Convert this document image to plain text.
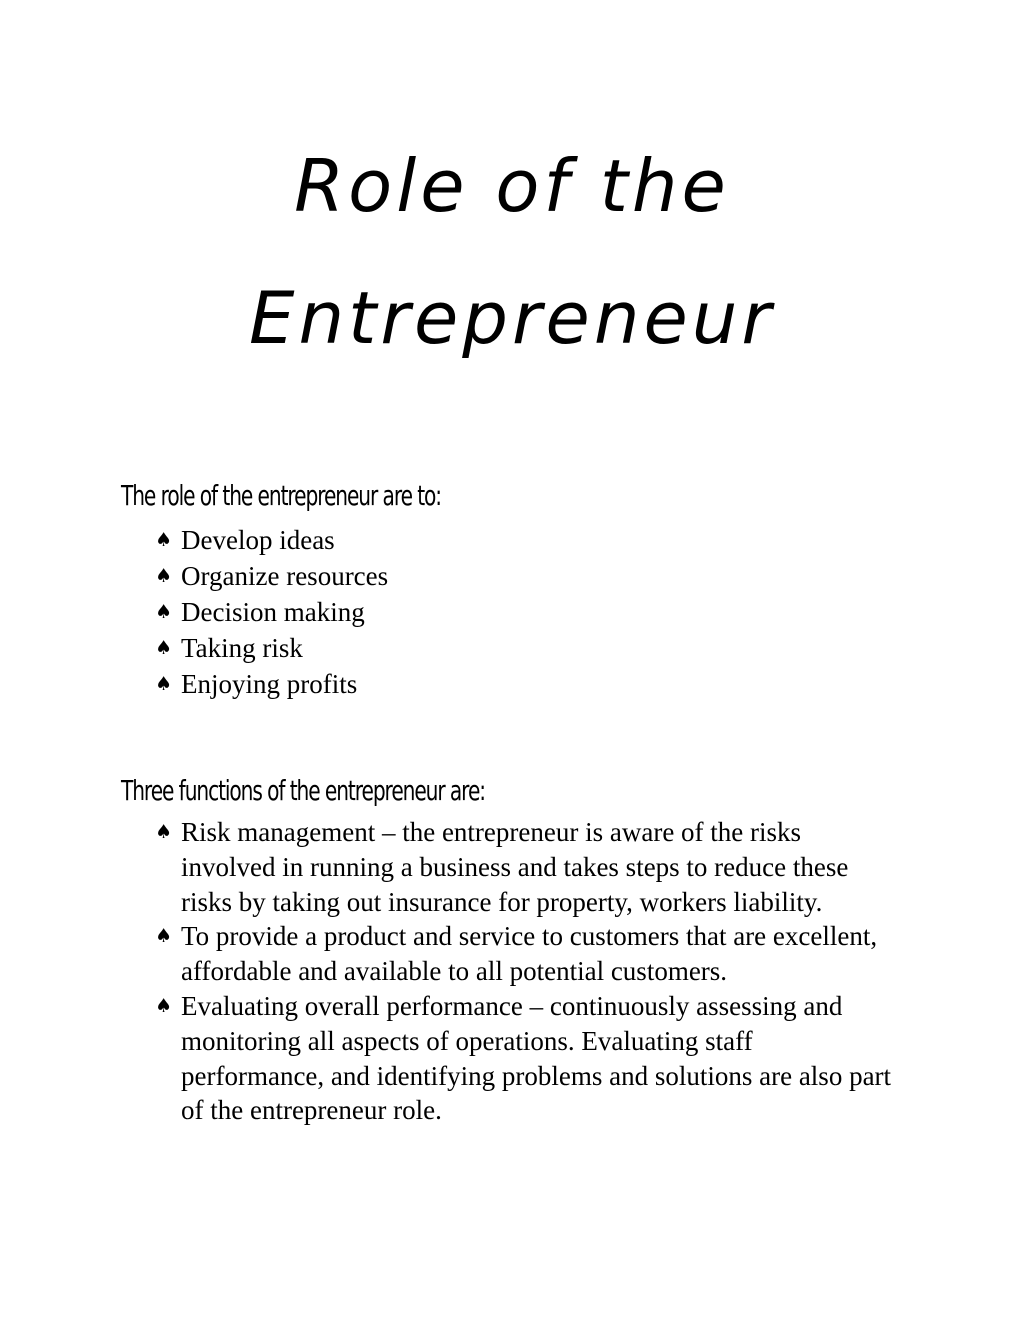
Role of the
Entrepreneur
The role of the entrepreneur are to:
♠ Develop ideas
♠ Organize resources
♠ Decision making
♠ Taking risk
♠ Enjoying profits
Three functions of the entrepreneur are:
♠ Risk management – the entrepreneur is aware of the risks involved in running a business and takes steps to reduce these risks by taking out insurance for property, workers liability.
♠ To provide a product and service to customers that are excellent, affordable and available to all potential customers.
♠ Evaluating overall performance – continuously assessing and monitoring all aspects of operations. Evaluating staff performance, and identifying problems and solutions are also part of the entrepreneur role.
